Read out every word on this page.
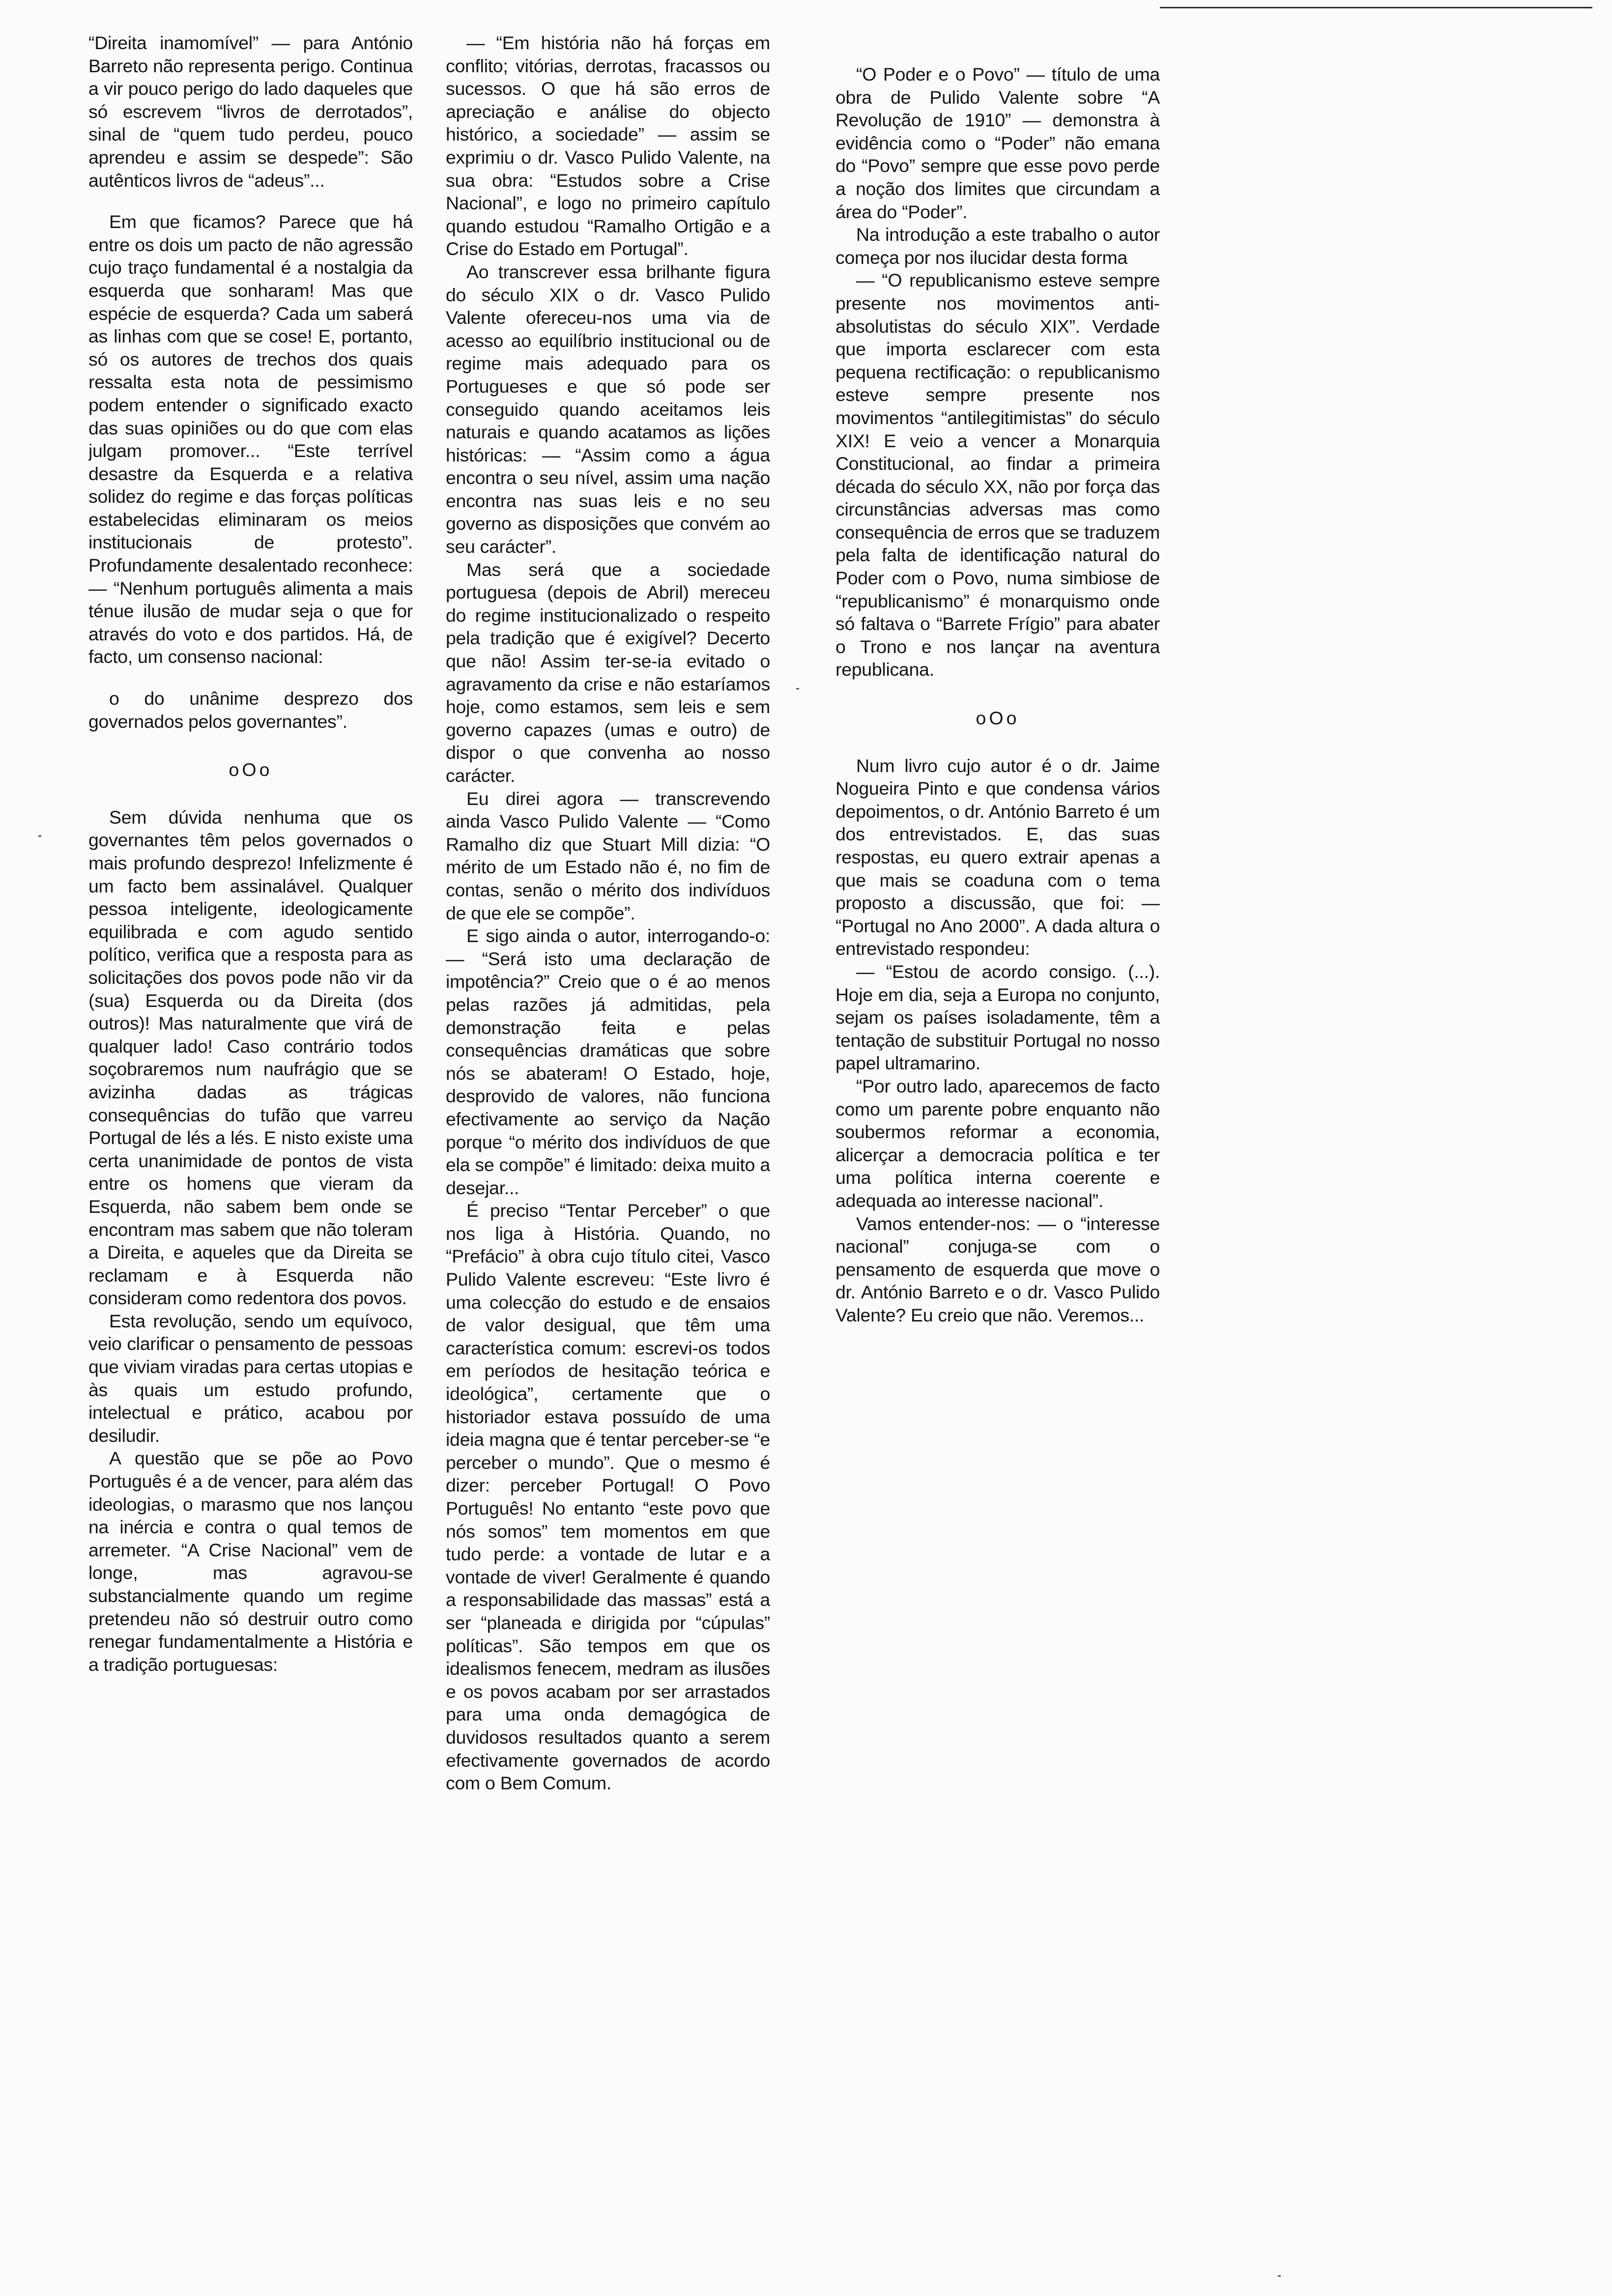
“Direita inamomível” — para António Barreto não representa perigo. Continua a vir pouco perigo do lado daqueles que só escrevem “livros de derrotados”, sinal de “quem tudo perdeu, pouco aprendeu e assim se despede”: São autênticos livros de “adeus”...

Em que ficamos? Parece que há entre os dois um pacto de não agressão cujo traço fundamental é a nostalgia da esquerda que sonharam! Mas que espécie de esquerda? Cada um saberá as linhas com que se cose! E, portanto, só os autores de trechos dos quais ressalta esta nota de pessimismo podem entender o significado exacto das suas opiniões ou do que com elas julgam promover... “Este terrível desastre da Esquerda e a relativa solidez do regime e das forças políticas estabelecidas eliminaram os meios institucionais de protesto”. Profundamente desalentado reconhece: — “Nenhum português alimenta a mais ténue ilusão de mudar seja o que for através do voto e dos partidos. Há, de facto, um consenso nacional:

o do unânime desprezo dos governados pelos governantes”.

oOo

Sem dúvida nenhuma que os governantes têm pelos governados o mais profundo desprezo! Infelizmente é um facto bem assinalável. Qualquer pessoa inteligente, ideologicamente equilibrada e com agudo sentido político, verifica que a resposta para as solicitações dos povos pode não vir da (sua) Esquerda ou da Direita (dos outros)! Mas naturalmente que virá de qualquer lado! Caso contrário todos soçobraremos num naufrágio que se avizinha dadas as trágicas consequências do tufão que varreu Portugal de lés a lés. E nisto existe uma certa unanimidade de pontos de vista entre os homens que vieram da Esquerda, não sabem bem onde se encontram mas sabem que não toleram a Direita, e aqueles que da Direita se reclamam e à Esquerda não consideram como redentora dos povos.

Esta revolução, sendo um equívoco, veio clarificar o pensamento de pessoas que viviam viradas para certas utopias e às quais um estudo profundo, intelectual e prático, acabou por desiludir.

A questão que se põe ao Povo Português é a de vencer, para além das ideologias, o marasmo que nos lançou na inércia e contra o qual temos de arremeter. “A Crise Nacional” vem de longe, mas agravou-se substancialmente quando um regime pretendeu não só destruir outro como renegar fundamentalmente a História e a tradição portuguesas:

— “Em história não há forças em conflito; vitórias, derrotas, fracassos ou sucessos. O que há são erros de apreciação e análise do objecto histórico, a sociedade” — assim se exprimiu o dr. Vasco Pulido Valente, na sua obra: “Estudos sobre a Crise Nacional”, e logo no primeiro capítulo quando estudou “Ramalho Ortigão e a Crise do Estado em Portugal”.

Ao transcrever essa brilhante figura do século XIX o dr. Vasco Pulido Valente ofereceu-nos uma via de acesso ao equilíbrio institucional ou de regime mais adequado para os Portugueses e que só pode ser conseguido quando aceitamos leis naturais e quando acatamos as lições históricas: — “Assim como a água encontra o seu nível, assim uma nação encontra nas suas leis e no seu governo as disposições que convém ao seu carácter”.

Mas será que a sociedade portuguesa (depois de Abril) mereceu do regime institucionalizado o respeito pela tradição que é exigível? Decerto que não! Assim ter-se-ia evitado o agravamento da crise e não estaríamos hoje, como estamos, sem leis e sem governo capazes (umas e outro) de dispor o que convenha ao nosso carácter.

Eu direi agora — transcrevendo ainda Vasco Pulido Valente — “Como Ramalho diz que Stuart Mill dizia: “O mérito de um Estado não é, no fim de contas, senão o mérito dos indivíduos de que ele se compõe”.

E sigo ainda o autor, interrogando-o: — “Será isto uma declaração de impotência?” Creio que o é ao menos pelas razões já admitidas, pela demonstração feita e pelas consequências dramáticas que sobre nós se abateram! O Estado, hoje, desprovido de valores, não funciona efectivamente ao serviço da Nação porque “o mérito dos indivíduos de que ela se compõe” é limitado: deixa muito a desejar...

É preciso “Tentar Perceber” o que nos liga à História. Quando, no “Prefácio” à obra cujo título citei, Vasco Pulido Valente escreveu: “Este livro é uma colecção do estudo e de ensaios de valor desigual, que têm uma característica comum: escrevi-os todos em períodos de hesitação teórica e ideológica”, certamente que o historiador estava possuído de uma ideia magna que é tentar perceber-se “e perceber o mundo”. Que o mesmo é dizer: perceber Portugal! O Povo Português! No entanto “este povo que nós somos” tem momentos em que tudo perde: a vontade de lutar e a vontade de viver! Geralmente é quando a responsabilidade das massas” está a ser “planeada e dirigida por “cúpulas” políticas”. São tempos em que os idealismos fenecem, medram as ilusões e os povos acabam por ser arrastados para uma onda demagógica de duvidosos resultados quanto a serem efectivamente governados de acordo com o Bem Comum.

“O Poder e o Povo” — título de uma obra de Pulido Valente sobre “A Revolução de 1910” — demonstra à evidência como o “Poder” não emana do “Povo” sempre que esse povo perde a noção dos limites que circundam a área do “Poder”.

Na introdução a este trabalho o autor começa por nos ilucidar desta forma

— “O republicanismo esteve sempre presente nos movimentos anti-absolutistas do século XIX”. Verdade que importa esclarecer com esta pequena rectificação: o republicanismo esteve sempre presente nos movimentos “antilegitimistas” do século XIX! E veio a vencer a Monarquia Constitucional, ao findar a primeira década do século XX, não por força das circunstâncias adversas mas como consequência de erros que se traduzem pela falta de identificação natural do Poder com o Povo, numa simbiose de “republicanismo” é monarquismo onde só faltava o “Barrete Frígio” para abater o Trono e nos lançar na aventura republicana.

oOo

Num livro cujo autor é o dr. Jaime Nogueira Pinto e que condensa vários depoimentos, o dr. António Barreto é um dos entrevistados. E, das suas respostas, eu quero extrair apenas a que mais se coaduna com o tema proposto a discussão, que foi: — “Portugal no Ano 2000”. A dada altura o entrevistado respondeu:

— “Estou de acordo consigo. (...). Hoje em dia, seja a Europa no conjunto, sejam os países isoladamente, têm a tentação de substituir Portugal no nosso papel ultramarino.

“Por outro lado, aparecemos de facto como um parente pobre enquanto não soubermos reformar a economia, alicerçar a democracia política e ter uma política interna coerente e adequada ao interesse nacional”.

Vamos entender-nos: — o “interesse nacional” conjuga-se com o pensamento de esquerda que move o dr. António Barreto e o dr. Vasco Pulido Valente? Eu creio que não. Veremos...
